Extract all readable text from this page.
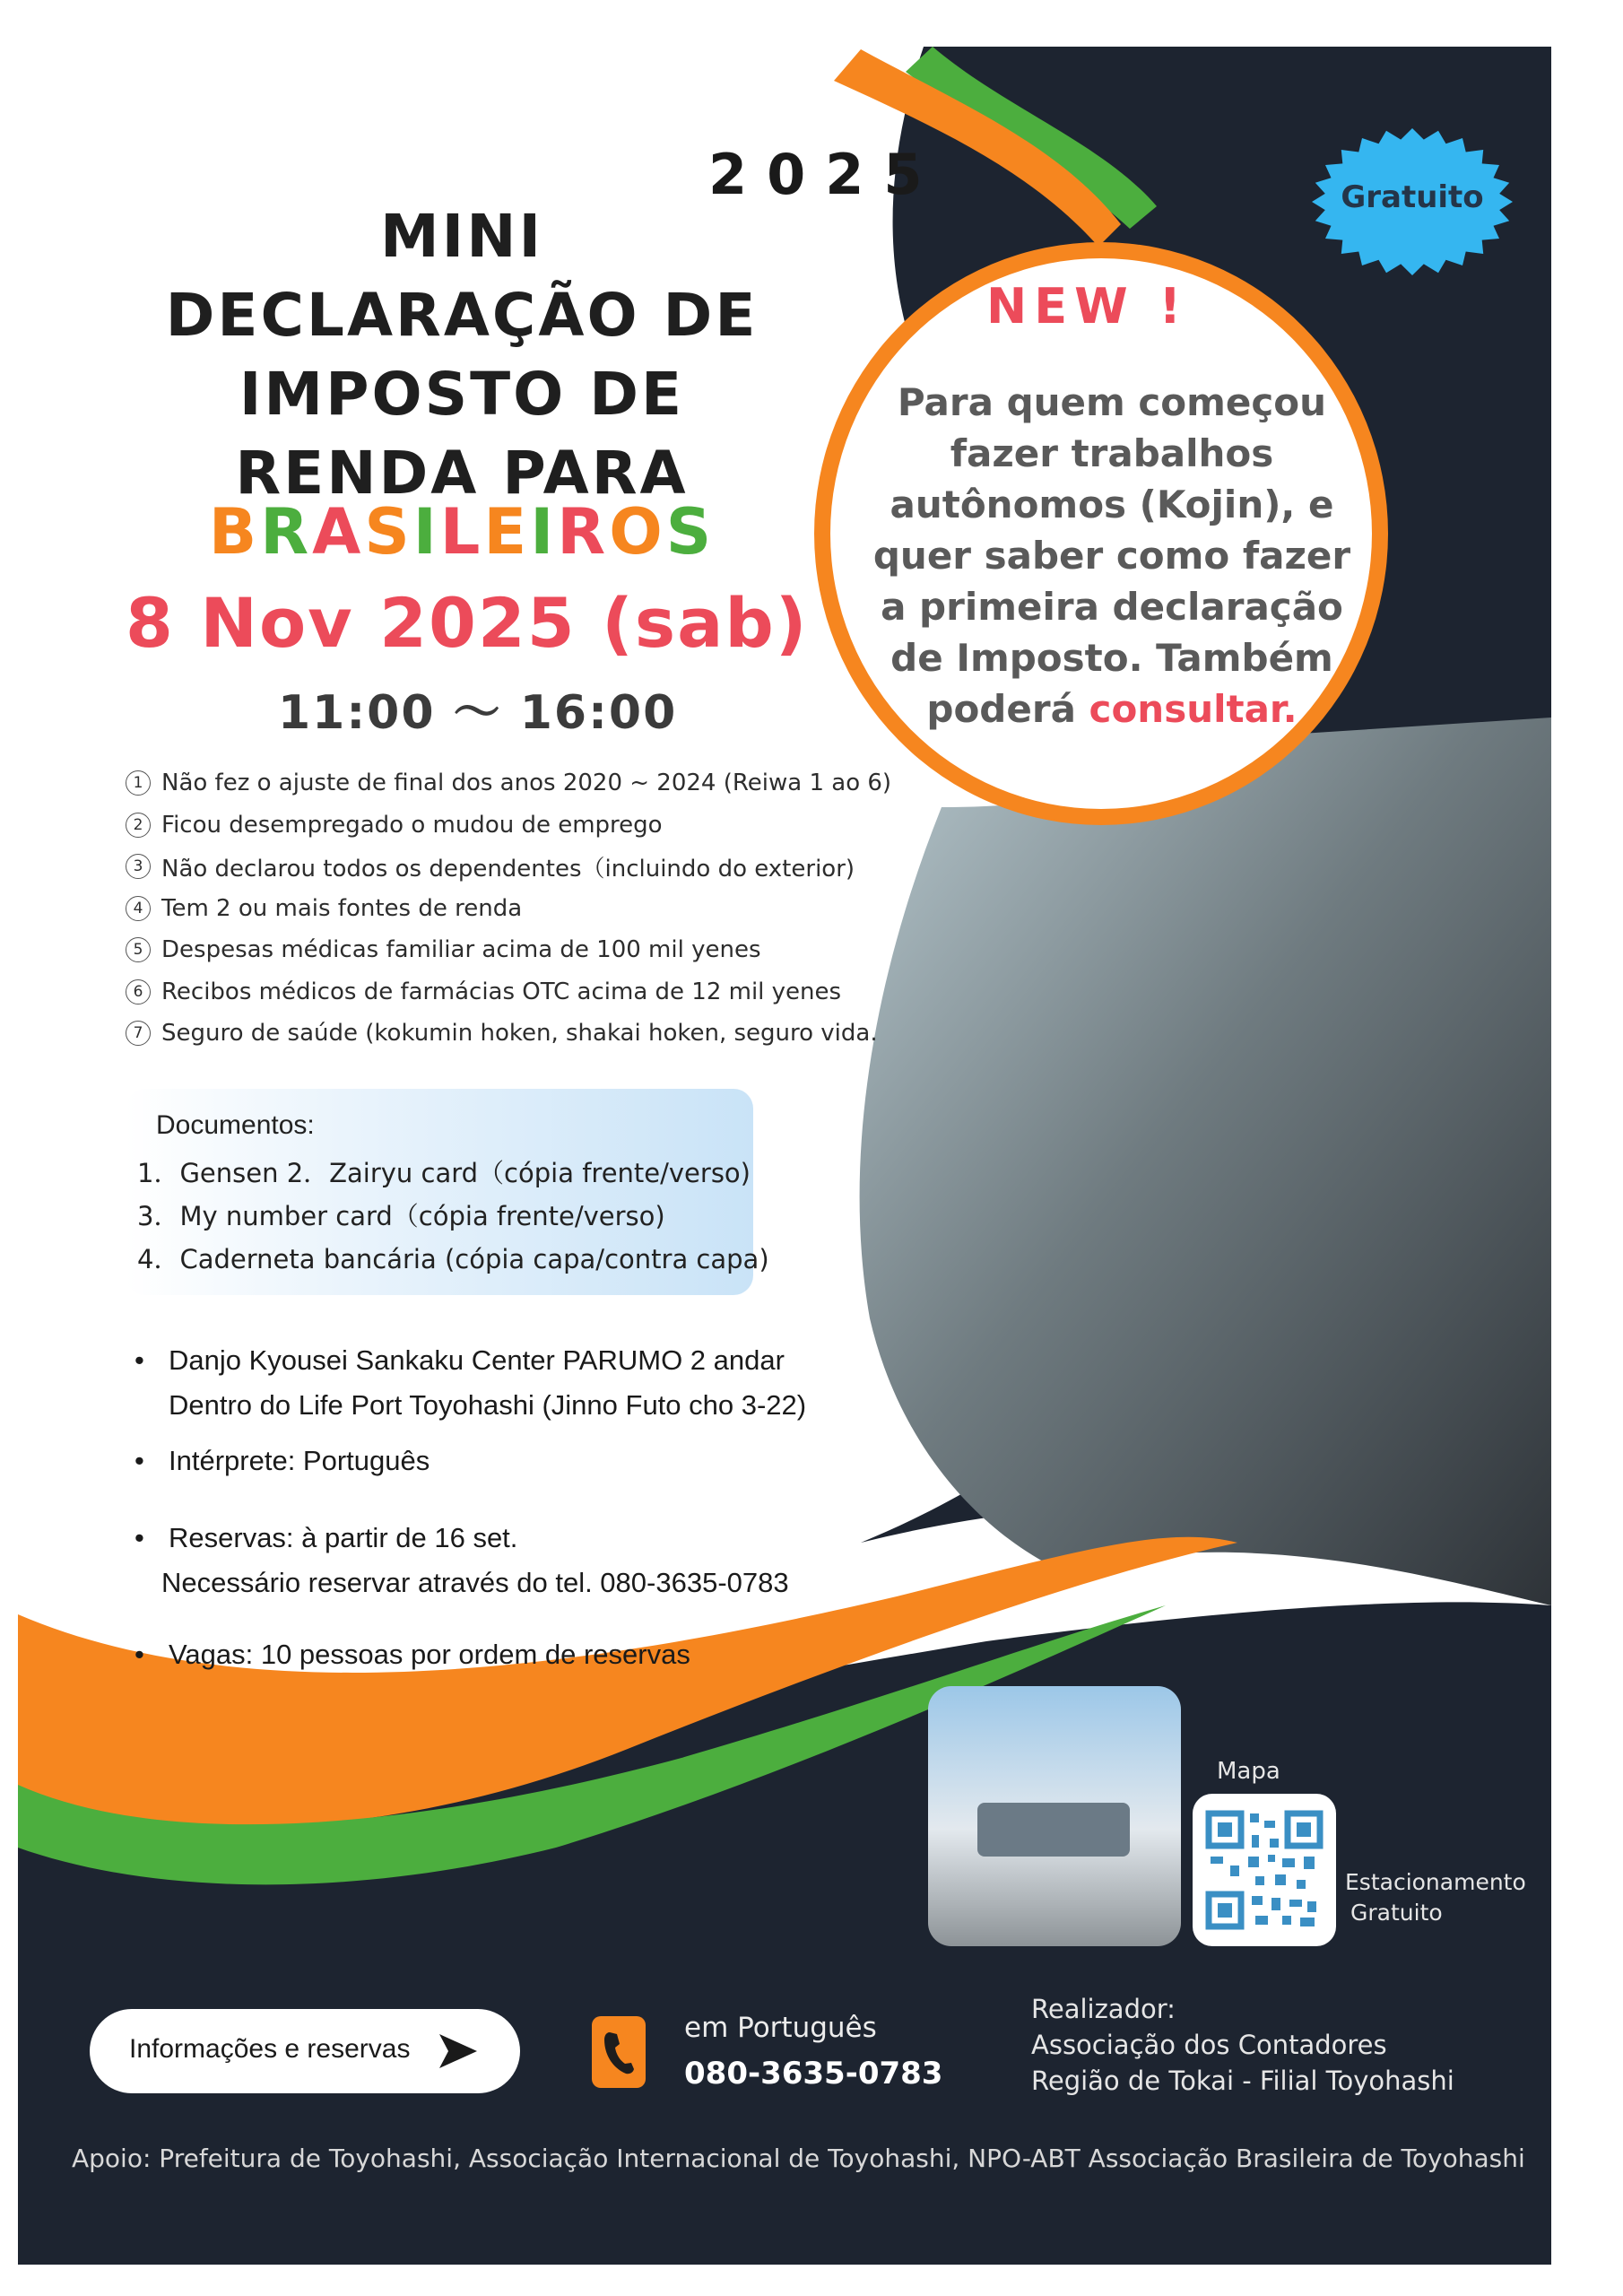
2025
MINI
DECLARAÇÃO DE
IMPOSTO DE
RENDA PARA
BRASILEIROS
8 Nov 2025 (sab)
11:00 ～ 16:00
1 Não fez o ajuste de final dos anos 2020 ~ 2024 (Reiwa 1 ao 6)
2 Ficou desempregado o mudou de emprego
3 Não declarou todos os dependentes（incluindo do exterior)
4 Tem 2 ou mais fontes de renda
5 Despesas médicas familiar acima de 100 mil yenes
6 Recibos médicos de farmácias OTC acima de 12 mil yenes
7 Seguro de saúde (kokumin hoken, shakai hoken, seguro vida.
Documentos:
1．Gensen 2．Zairyu card（cópia frente/verso)
3．My number card（cópia frente/verso)
4．Caderneta bancária (cópia capa/contra capa)
• Danjo Kyousei Sankaku Center PARUMO 2 andar
Dentro do Life Port Toyohashi (Jinno Futo cho 3-22)
• Intérprete: Português
• Reservas: à partir de 16 set.
Necessário reservar através do tel. 080-3635-0783
• Vagas: 10 pessoas por ordem de reservas
NEW !
Para quem começou
fazer trabalhos
autônomos (Kojin), e
quer saber como fazer
a primeira declaração
de Imposto. Também
poderá consultar.
Gratuito
Mapa
Estacionamento
Gratuito
Informações e reservas
em Português
080-3635-0783
Realizador:
Associação dos Contadores
Região de Tokai - Filial Toyohashi
Apoio: Prefeitura de Toyohashi, Associação Internacional de Toyohashi, NPO-ABT Associação Brasileira de Toyohashi
